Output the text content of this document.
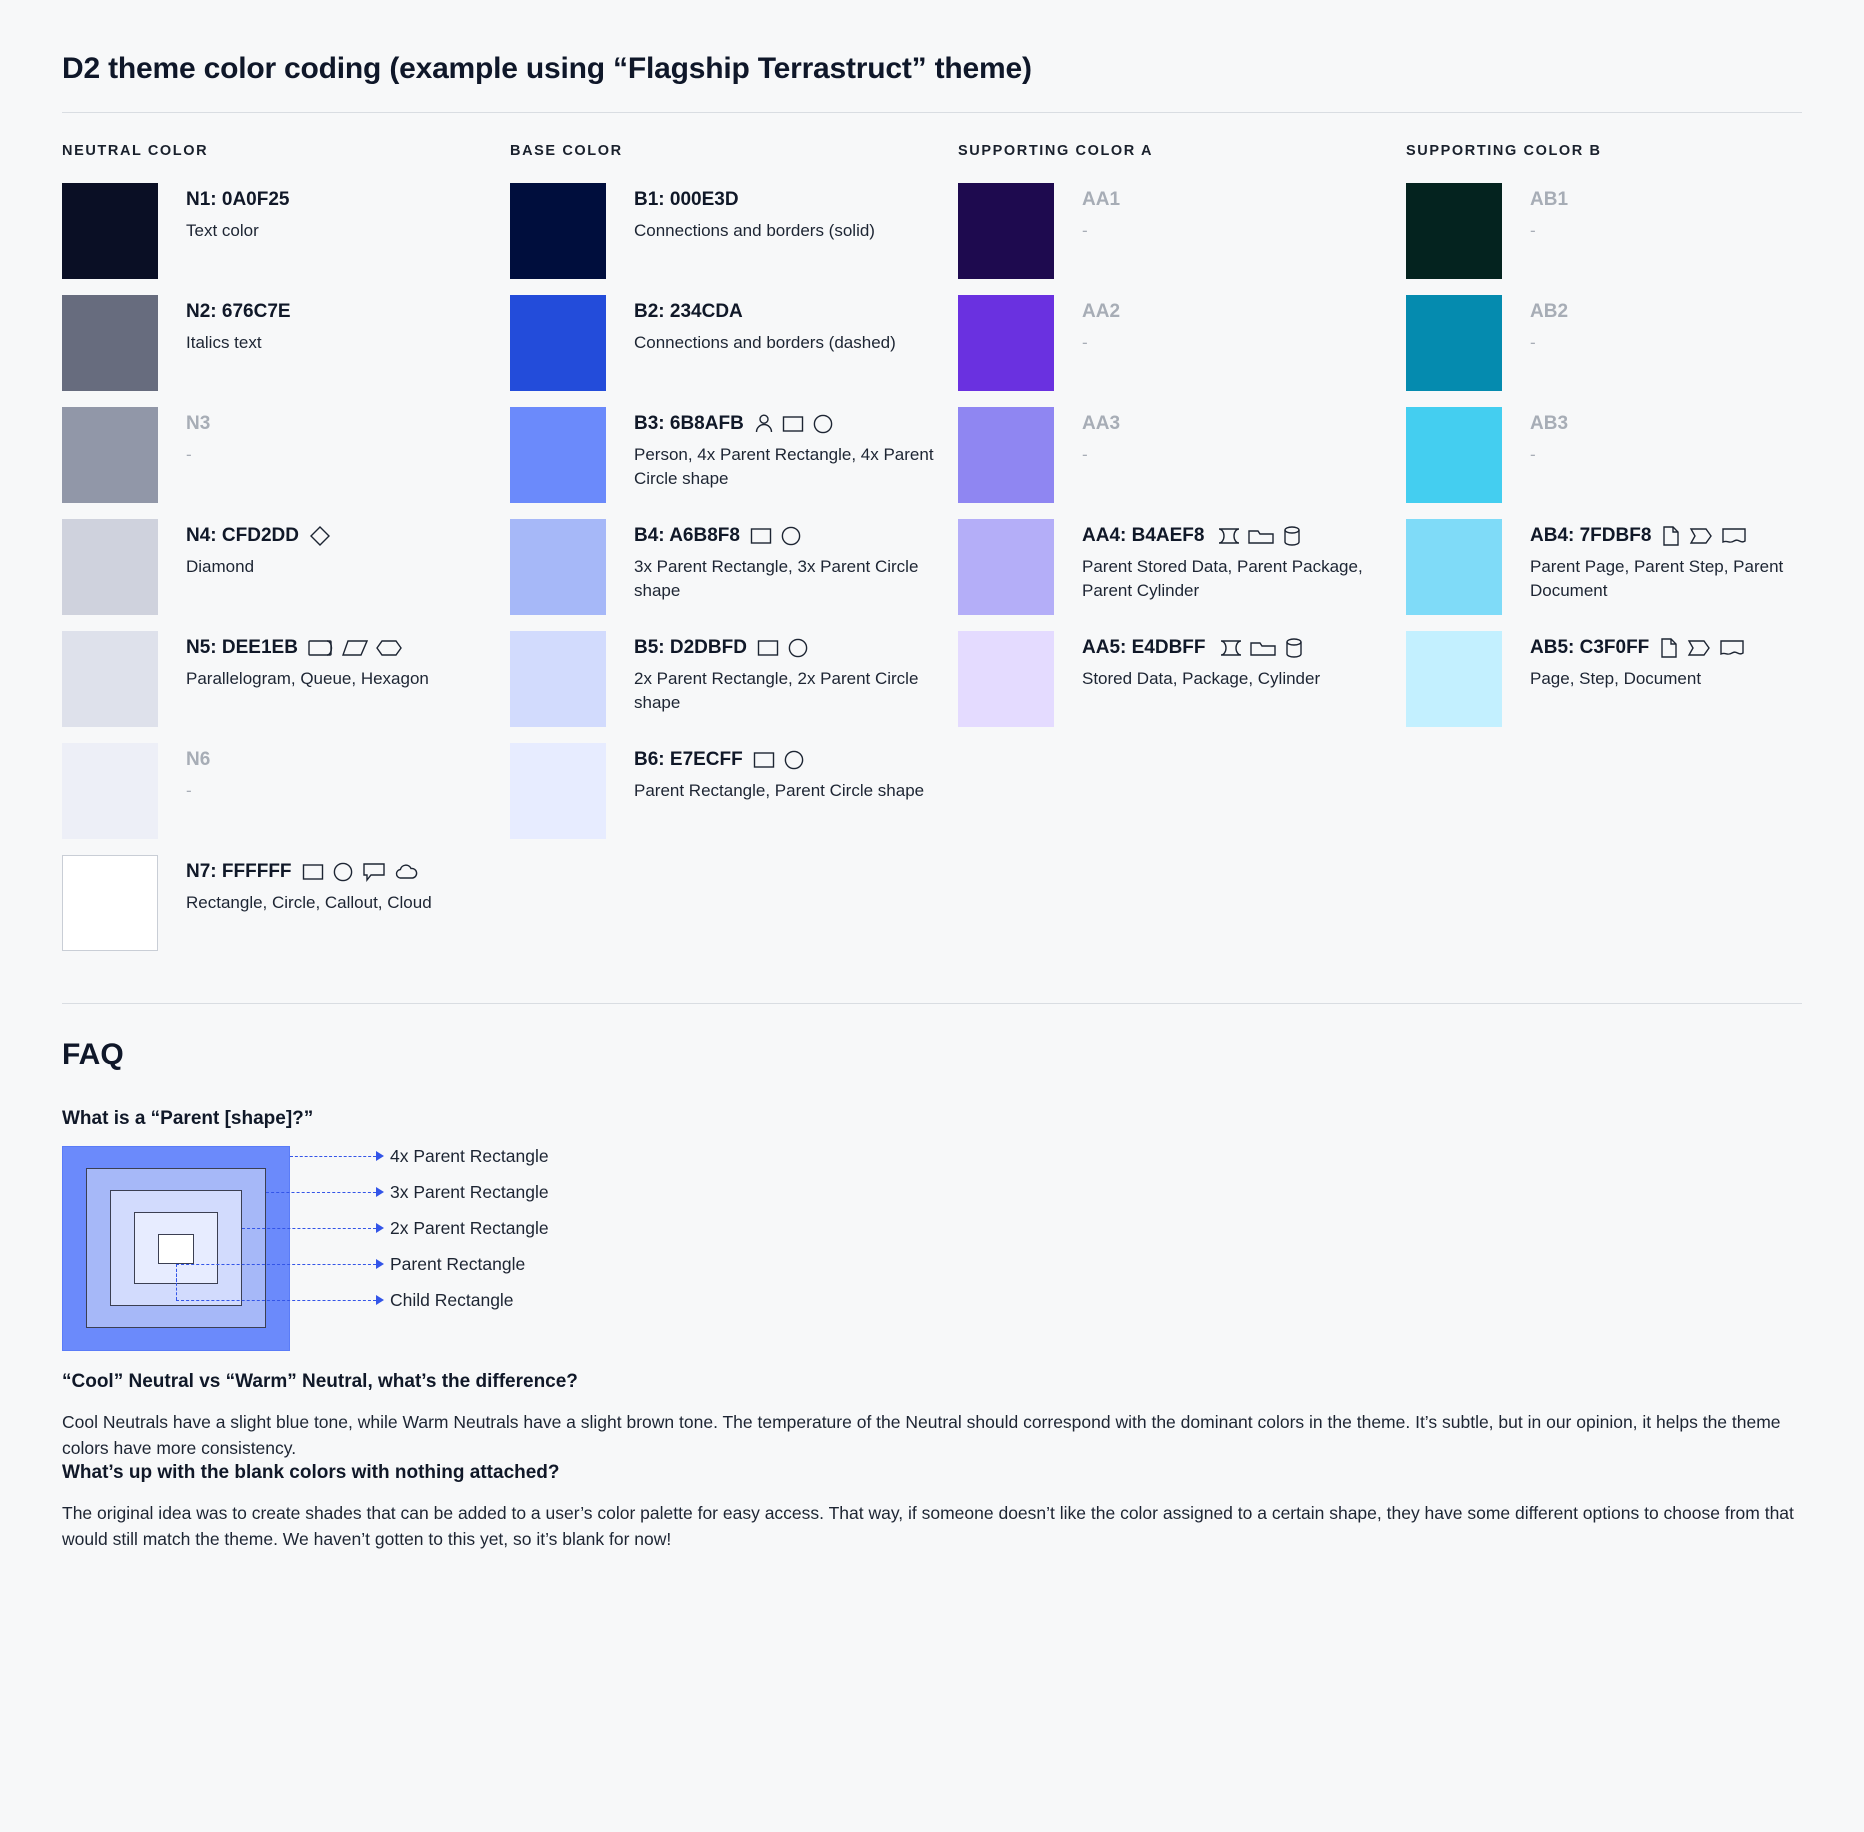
D2 theme color coding (example using “Flagship Terrastruct” theme)
NEUTRAL COLOR
N1: 0A0F25
Text color
N2: 676C7E
Italics text
N3
-
N4: CFD2DD
Diamond
N5: DEE1EB
Parallelogram, Queue, Hexagon
N6
-
N7: FFFFFF
Rectangle, Circle, Callout, Cloud
BASE COLOR
B1: 000E3D
Connections and borders (solid)
B2: 234CDA
Connections and borders (dashed)
B3: 6B8AFB
Person, 4x Parent Rectangle, 4x Parent Circle shape
B4: A6B8F8
3x Parent Rectangle, 3x Parent Circle shape
B5: D2DBFD
2x Parent Rectangle, 2x Parent Circle shape
B6: E7ECFF
Parent Rectangle, Parent Circle shape
SUPPORTING COLOR A
AA1
-
AA2
-
AA3
-
AA4: B4AEF8
Parent Stored Data, Parent Package, Parent Cylinder
AA5: E4DBFF
Stored Data, Package, Cylinder
SUPPORTING COLOR B
AB1
-
AB2
-
AB3
-
AB4: 7FDBF8
Parent Page, Parent Step, Parent Document
AB5: C3F0FF
Page, Step, Document
FAQ
What is a “Parent [shape]?”
4x Parent Rectangle
3x Parent Rectangle
2x Parent Rectangle
Parent Rectangle
Child Rectangle
“Cool” Neutral vs “Warm” Neutral, what’s the difference?

Cool Neutrals have a slight blue tone, while Warm Neutrals have a slight brown tone. The temperature of the Neutral should correspond with the dominant colors in the theme. It’s subtle, but in our opinion, it helps the theme colors have more consistency.

What’s up with the blank colors with nothing attached?

The original idea was to create shades that can be added to a user’s color palette for easy access. That way, if someone doesn’t like the color assigned to a certain shape, they have some different options to choose from that would still match the theme. We haven’t gotten to this yet, so it’s blank for now!
